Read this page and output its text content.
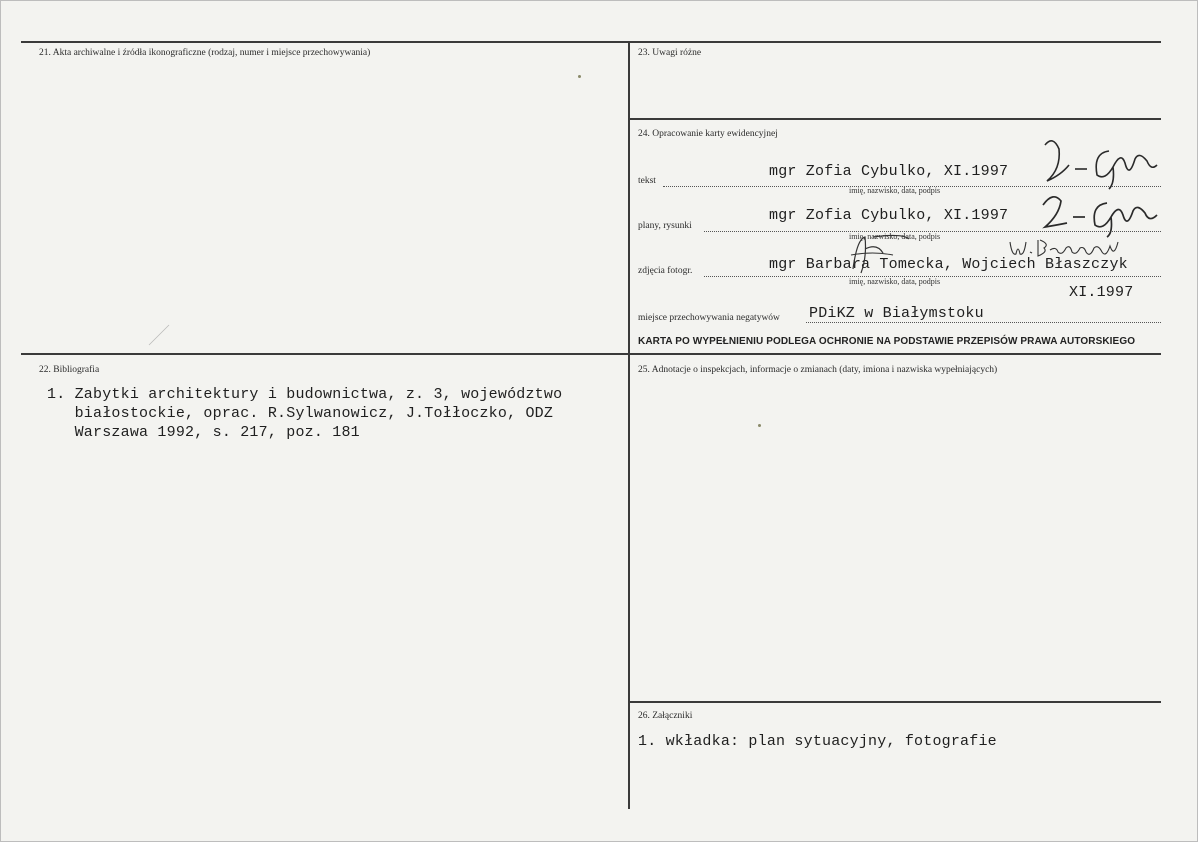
21. Akta archiwalne i źródła ikonograficzne (rodzaj, numer i miejsce przechowywania)	23. Uwagi różne
24. Opracowanie karty ewidencyjnej
tekst
mgr Zofia Cybulko, XI.1997
imię, nazwisko, data, podpis
plany, rysunki
mgr Zofia Cybulko, XI.1997
imię, nazwisko, data, podpis
zdjęcia fotogr.	mgr Barbara Tomecka, Wojciech Błaszczyk
imię, nazwisko, data, podpis
XI.1997
miejsce przechowywania negatywów PDiKZ w Białymstoku
KARTA PO WYPEŁNIENIU PODLEGA OCHRONIE NA PODSTAWIE PRZEPISÓW PRAWA AUTORSKIEGO
22. Bibliografia
1. Zabytki architektury i budownictwa, z. 3, województwo
białostockie, oprac. R.Sylwanowicz, J.Tołłoczko, ODZ
Warszawa 1992, s. 217, poz. 181
25. Adnotacje o inspekcjach, informacje o zmianach (daty, imiona i nazwiska wypełniających)
26. Załączniki
1. wkładka: plan sytuacyjny, fotografie
